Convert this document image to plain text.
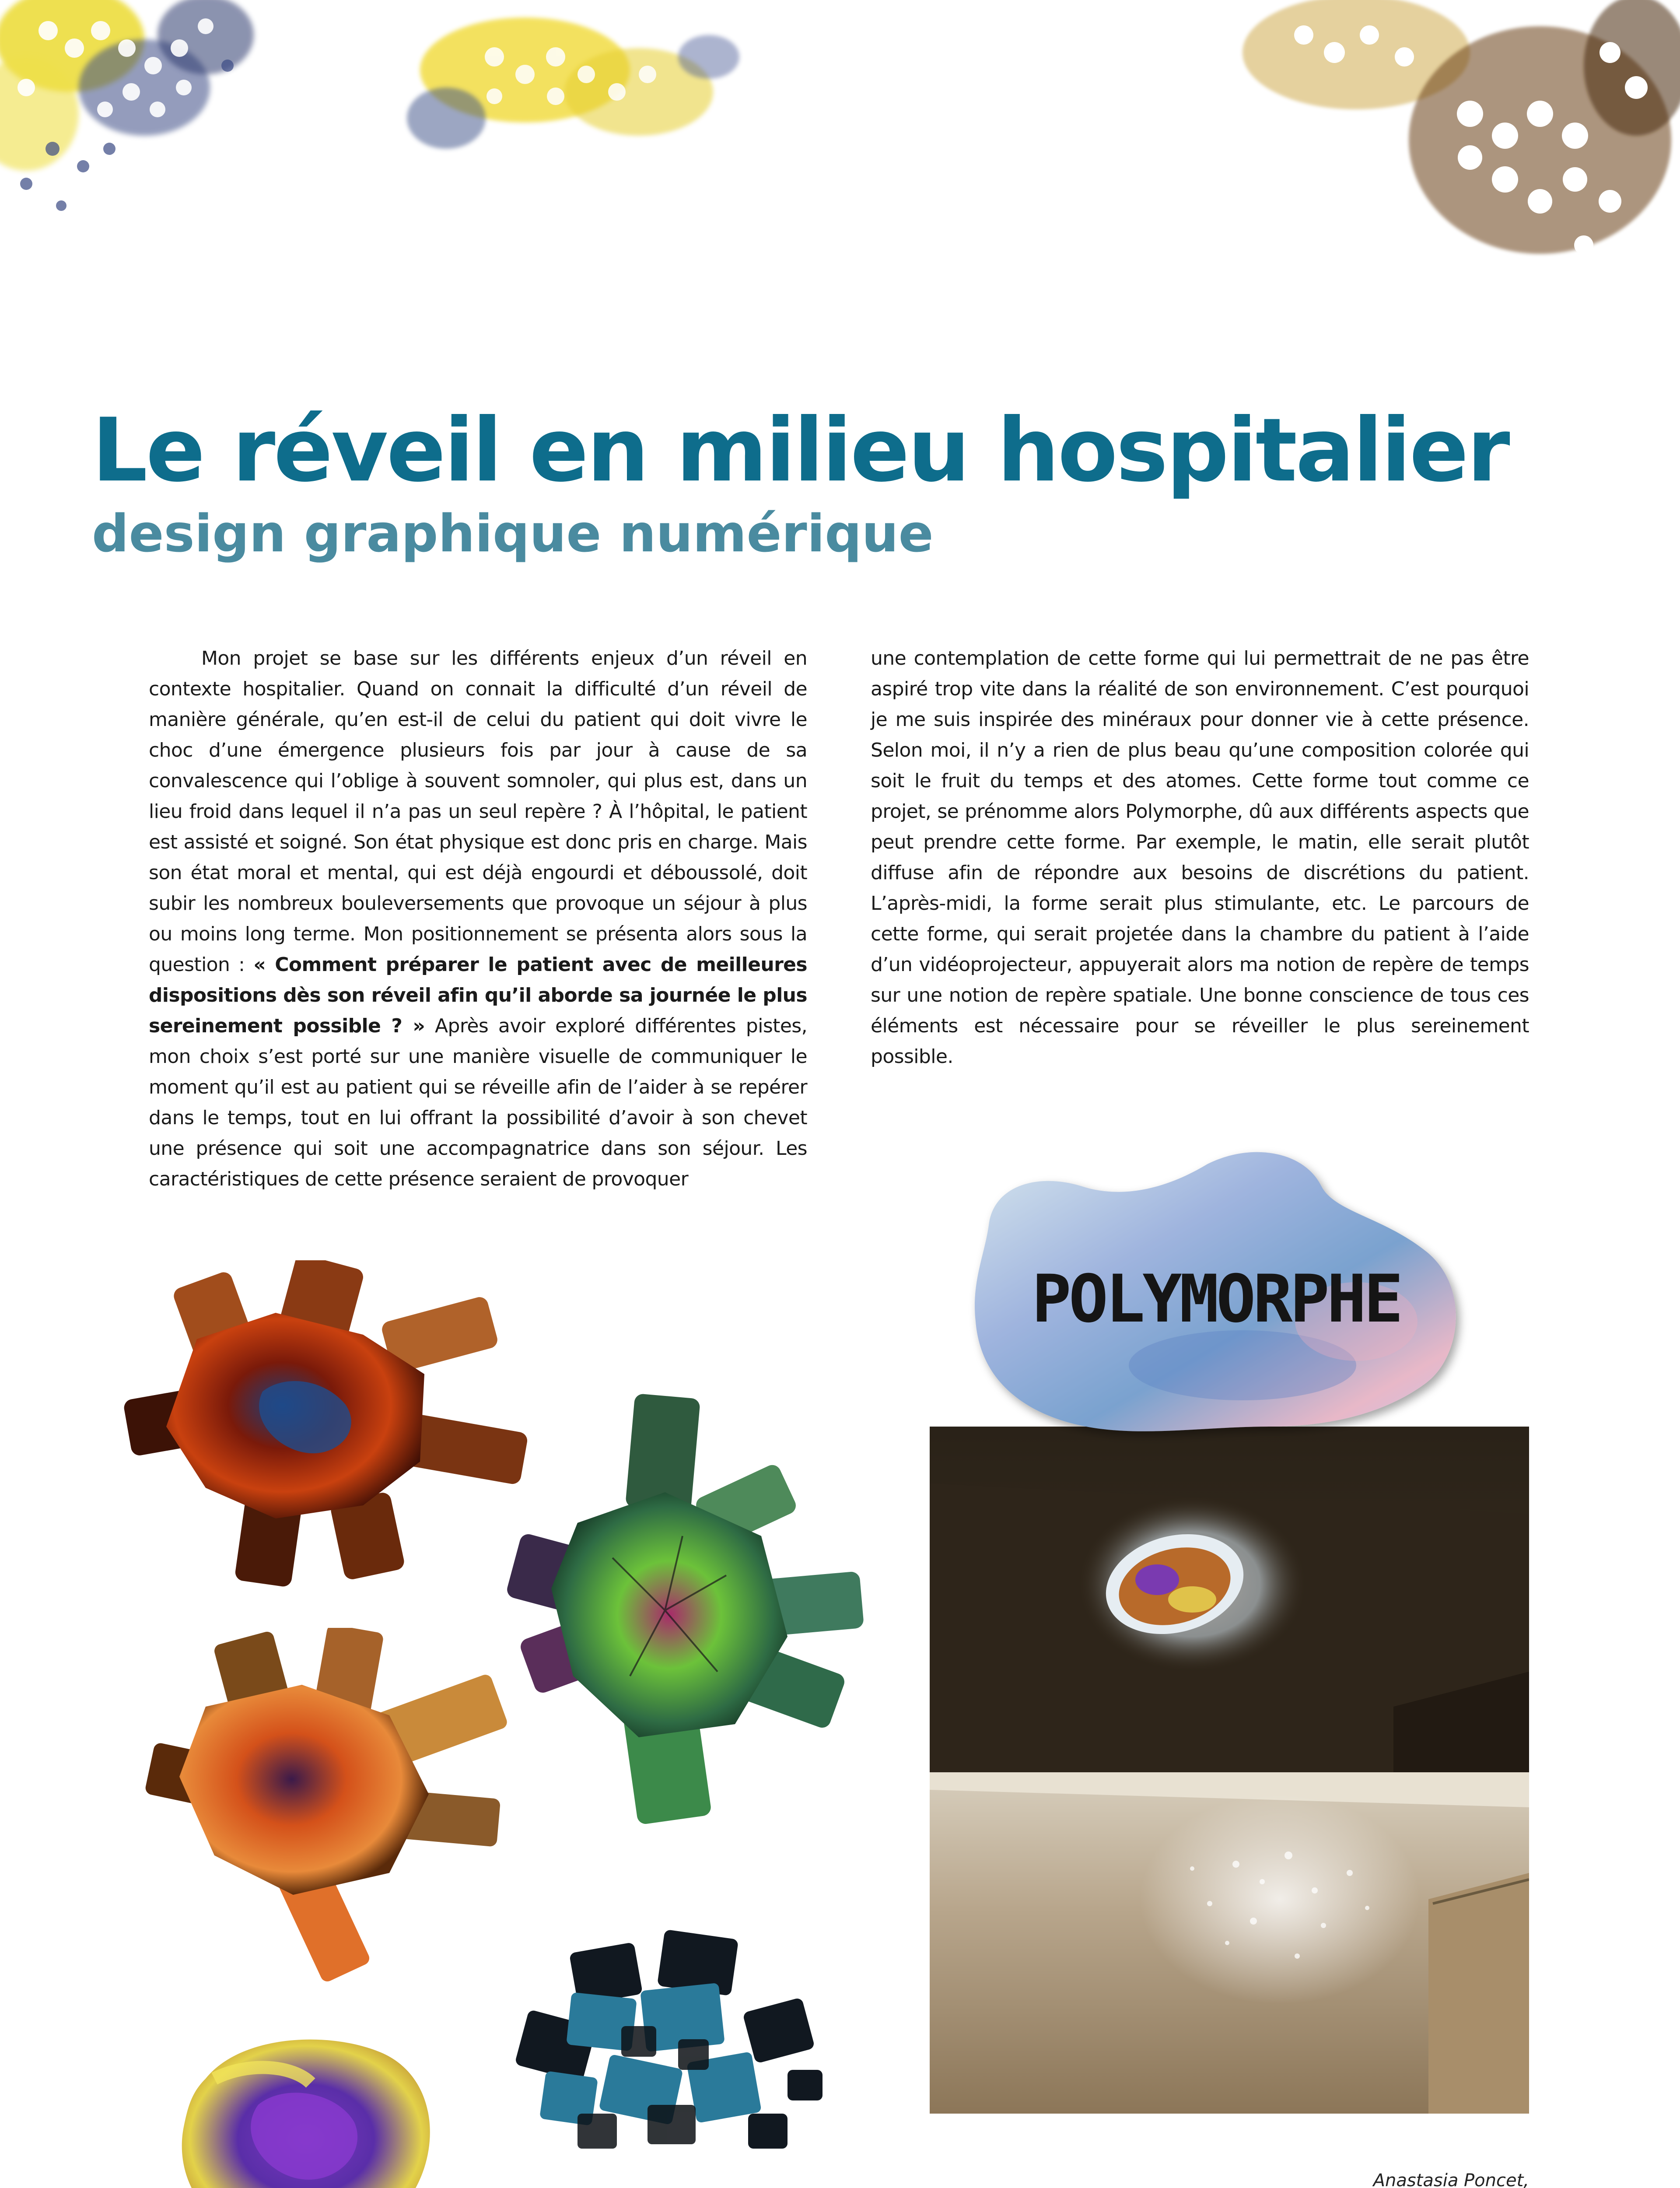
Le réveil en milieu hospitalier
design graphique numérique

Mon projet se base sur les différents enjeux d’un réveil en contexte hospitalier. Quand on connait la difficulté d’un réveil de manière générale, qu’en est-il de celui du patient qui doit vivre le choc d’une émergence plusieurs fois par jour à cause de sa convalescence qui l’oblige à souvent somnoler, qui plus est, dans un lieu froid dans lequel il n’a pas un seul repère ? À l’hôpital, le patient est assisté et soigné. Son état physique est donc pris en charge. Mais son état moral et mental, qui est déjà engourdi et déboussolé, doit subir les nombreux bouleversements que provoque un séjour à plus ou moins long terme. Mon positionnement se présenta alors sous la question : « Comment préparer le patient avec de meilleures dispositions dès son réveil afin qu’il aborde sa journée le plus sereinement possible ? » Après avoir exploré différentes pistes, mon choix s’est porté sur une manière visuelle de communiquer le moment qu’il est au patient qui se réveille afin de l’aider à se repérer dans le temps, tout en lui offrant la possibilité d’avoir à son chevet une présence qui soit une accompagnatrice dans son séjour. Les caractéristiques de cette présence seraient de provoquer

une contemplation de cette forme qui lui permettrait de ne pas être aspiré trop vite dans la réalité de son environnement. C’est pourquoi je me suis inspirée des minéraux pour donner vie à cette présence. Selon moi, il n’y a rien de plus beau qu’une composition colorée qui soit le fruit du temps et des atomes. Cette forme tout comme ce projet, se prénomme alors Polymorphe, dû aux différents aspects que peut prendre cette forme. Par exemple, le matin, elle serait plutôt diffuse afin de répondre aux besoins de discrétions du patient. L’après-midi, la forme serait plus stimulante, etc. Le parcours de cette forme, qui serait projetée dans la chambre du patient à l’aide d’un vidéoprojecteur, appuyerait alors ma notion de repère de temps sur une notion de repère spatiale. Une bonne conscience de tous ces éléments est nécessaire pour se réveiller le plus sereinement possible.

POLYMORPHE
Anastasia Poncet,
